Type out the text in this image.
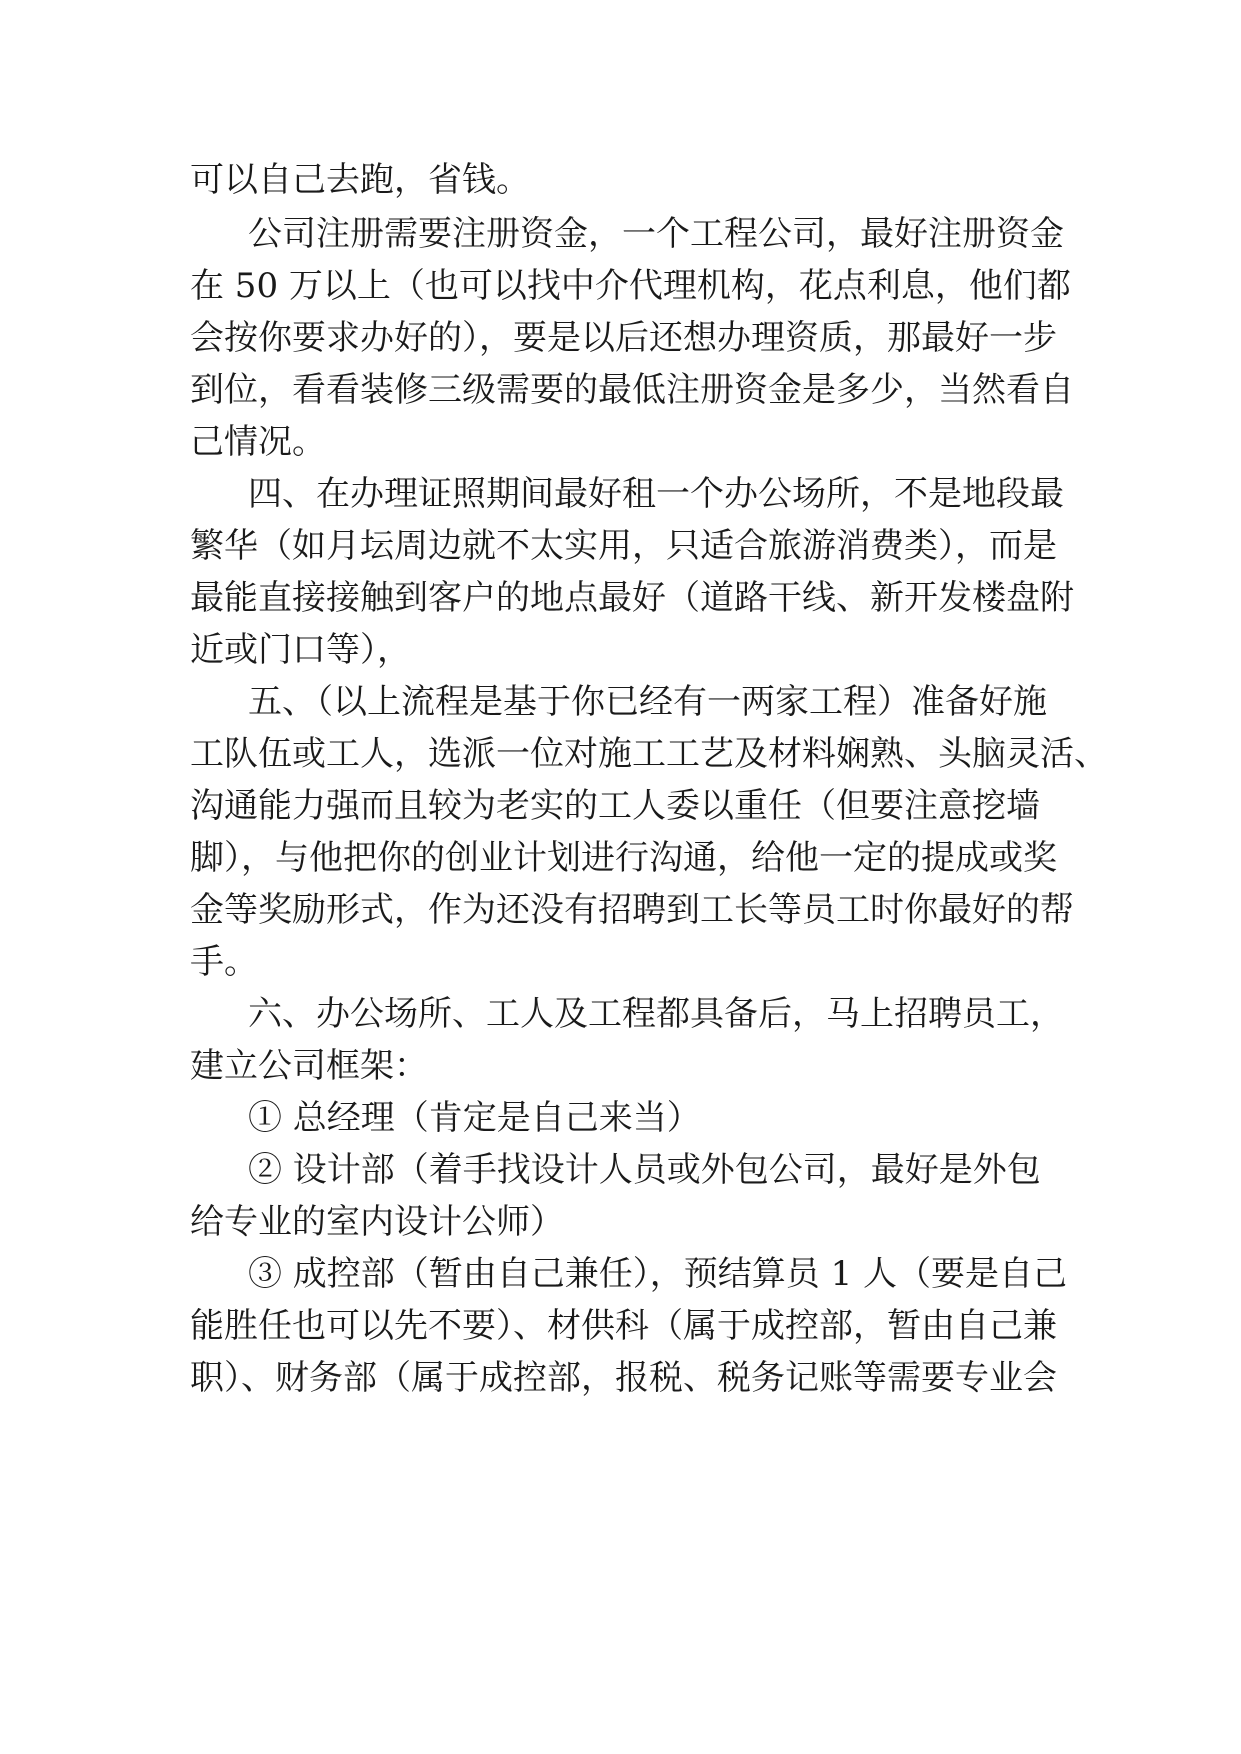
可以自己去跑，省钱。
公司注册需要注册资金，一个工程公司，最好注册资金
在 50 万以上（也可以找中介代理机构，花点利息，他们都
会按你要求办好的），要是以后还想办理资质，那最好一步
到位，看看装修三级需要的最低注册资金是多少，当然看自
己情况。
四、在办理证照期间最好租一个办公场所，不是地段最
繁华（如月坛周边就不太实用，只适合旅游消费类），而是
最能直接接触到客户的地点最好（道路干线、新开发楼盘附
近或门口等），
五、（以上流程是基于你已经有一两家工程）准备好施
工队伍或工人，选派一位对施工工艺及材料娴熟、头脑灵活、
沟通能力强而且较为老实的工人委以重任（但要注意挖墙
脚），与他把你的创业计划进行沟通，给他一定的提成或奖
金等奖励形式，作为还没有招聘到工长等员工时你最好的帮
手。
六、办公场所、工人及工程都具备后，马上招聘员工，
建立公司框架：
① 总经理（肯定是自己来当）
② 设计部（着手找设计人员或外包公司，最好是外包
给专业的室内设计公师）
③ 成控部（暂由自己兼任），预结算员 1 人（要是自己
能胜任也可以先不要）、材供科（属于成控部，暂由自己兼
职）、财务部（属于成控部，报税、税务记账等需要专业会
